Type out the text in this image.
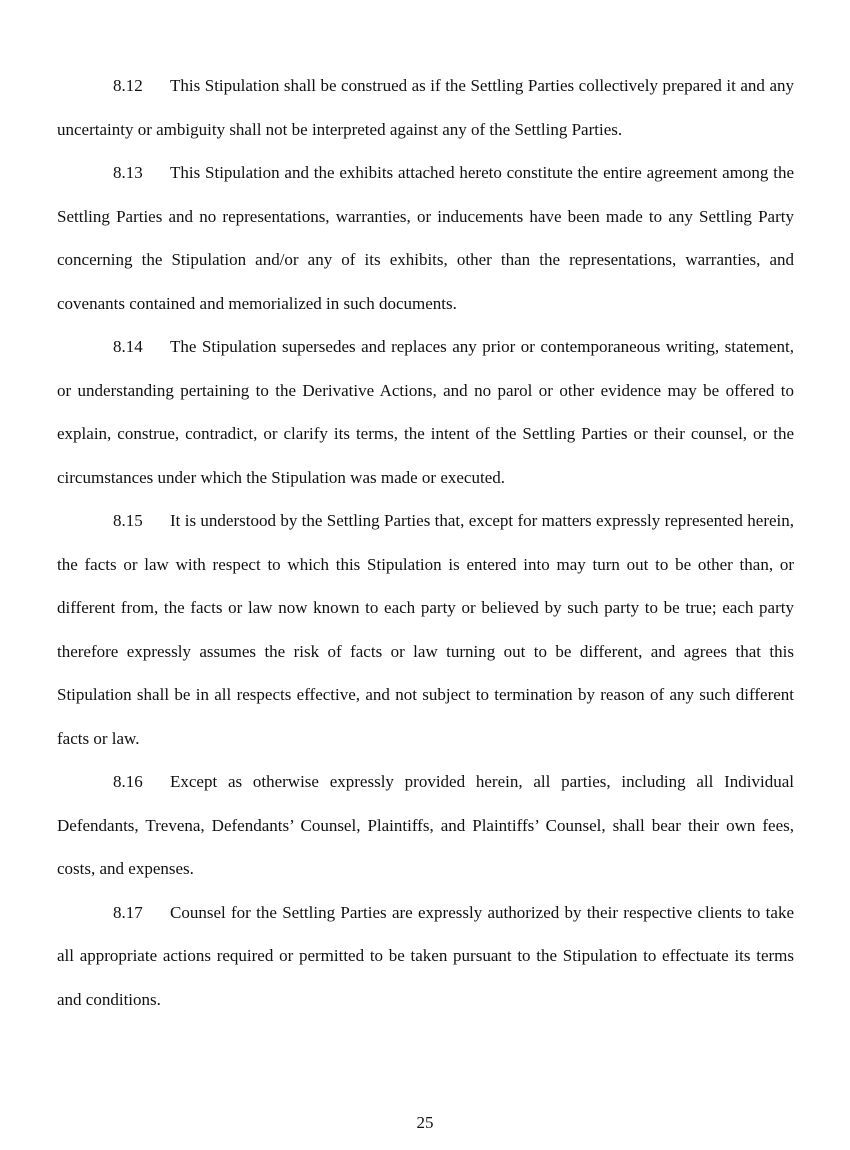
8.12 This Stipulation shall be construed as if the Settling Parties collectively prepared it and any uncertainty or ambiguity shall not be interpreted against any of the Settling Parties.

8.13 This Stipulation and the exhibits attached hereto constitute the entire agreement among the Settling Parties and no representations, warranties, or inducements have been made to any Settling Party concerning the Stipulation and/or any of its exhibits, other than the representations, warranties, and covenants contained and memorialized in such documents.

8.14 The Stipulation supersedes and replaces any prior or contemporaneous writing, statement, or understanding pertaining to the Derivative Actions, and no parol or other evidence may be offered to explain, construe, contradict, or clarify its terms, the intent of the Settling Parties or their counsel, or the circumstances under which the Stipulation was made or executed.

8.15 It is understood by the Settling Parties that, except for matters expressly represented herein, the facts or law with respect to which this Stipulation is entered into may turn out to be other than, or different from, the facts or law now known to each party or believed by such party to be true; each party therefore expressly assumes the risk of facts or law turning out to be different, and agrees that this Stipulation shall be in all respects effective, and not subject to termination by reason of any such different facts or law.

8.16 Except as otherwise expressly provided herein, all parties, including all Individual Defendants, Trevena, Defendants’ Counsel, Plaintiffs, and Plaintiffs’ Counsel, shall bear their own fees, costs, and expenses.

8.17 Counsel for the Settling Parties are expressly authorized by their respective clients to take all appropriate actions required or permitted to be taken pursuant to the Stipulation to effectuate its terms and conditions.

25
